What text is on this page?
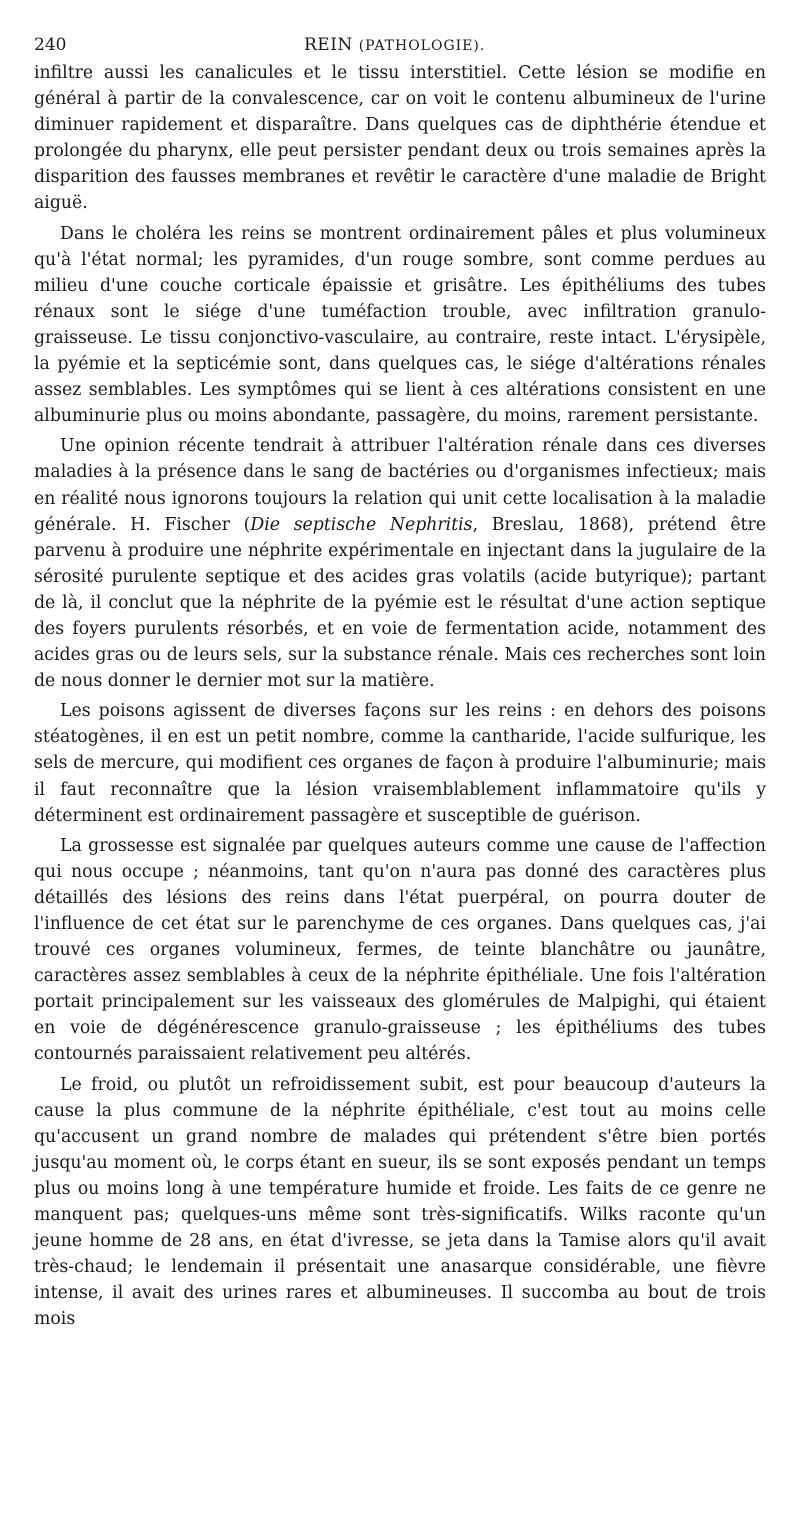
240	REIN (PATHOLOGIE).

infiltre aussi les canalicules et le tissu interstitiel. Cette lésion se modifie en général à partir de la convalescence, car on voit le contenu albumineux de l'urine diminuer rapidement et disparaître. Dans quelques cas de diphthérie étendue et prolongée du pharynx, elle peut persister pendant deux ou trois semaines après la disparition des fausses membranes et revêtir le caractère d'une maladie de Bright aiguë.

Dans le choléra les reins se montrent ordinairement pâles et plus volumineux qu'à l'état normal; les pyramides, d'un rouge sombre, sont comme perdues au milieu d'une couche corticale épaissie et grisâtre. Les épithéliums des tubes rénaux sont le siége d'une tuméfaction trouble, avec infiltration granulo-graisseuse. Le tissu conjonctivo-vasculaire, au contraire, reste intact. L'érysipèle, la pyémie et la septicémie sont, dans quelques cas, le siége d'altérations rénales assez semblables. Les symptômes qui se lient à ces altérations consistent en une albuminurie plus ou moins abondante, passagère, du moins, rarement persistante.

Une opinion récente tendrait à attribuer l'altération rénale dans ces diverses maladies à la présence dans le sang de bactéries ou d'organismes infectieux; mais en réalité nous ignorons toujours la relation qui unit cette localisation à la maladie générale. H. Fischer (Die septische Nephritis, Breslau, 1868), prétend être parvenu à produire une néphrite expérimentale en injectant dans la jugulaire de la sérosité purulente septique et des acides gras volatils (acide butyrique); partant de là, il conclut que la néphrite de la pyémie est le résultat d'une action septique des foyers purulents résorbés, et en voie de fermentation acide, notamment des acides gras ou de leurs sels, sur la substance rénale. Mais ces recherches sont loin de nous donner le dernier mot sur la matière.

Les poisons agissent de diverses façons sur les reins : en dehors des poisons stéatogènes, il en est un petit nombre, comme la cantharide, l'acide sulfurique, les sels de mercure, qui modifient ces organes de façon à produire l'albuminurie; mais il faut reconnaître que la lésion vraisemblablement inflammatoire qu'ils y déterminent est ordinairement passagère et susceptible de guérison.

La grossesse est signalée par quelques auteurs comme une cause de l'affection qui nous occupe ; néanmoins, tant qu'on n'aura pas donné des caractères plus détaillés des lésions des reins dans l'état puerpéral, on pourra douter de l'influence de cet état sur le parenchyme de ces organes. Dans quelques cas, j'ai trouvé ces organes volumineux, fermes, de teinte blanchâtre ou jaunâtre, caractères assez semblables à ceux de la néphrite épithéliale. Une fois l'altération portait principalement sur les vaisseaux des glomérules de Malpighi, qui étaient en voie de dégénérescence granulo-graisseuse ; les épithéliums des tubes contournés paraissaient relativement peu altérés.

Le froid, ou plutôt un refroidissement subit, est pour beaucoup d'auteurs la cause la plus commune de la néphrite épithéliale, c'est tout au moins celle qu'accusent un grand nombre de malades qui prétendent s'être bien portés jusqu'au moment où, le corps étant en sueur, ils se sont exposés pendant un temps plus ou moins long à une température humide et froide. Les faits de ce genre ne manquent pas; quelques-uns même sont très-significatifs. Wilks raconte qu'un jeune homme de 28 ans, en état d'ivresse, se jeta dans la Tamise alors qu'il avait très-chaud; le lendemain il présentait une anasarque considérable, une fièvre intense, il avait des urines rares et albumineuses. Il succomba au bout de trois mois
